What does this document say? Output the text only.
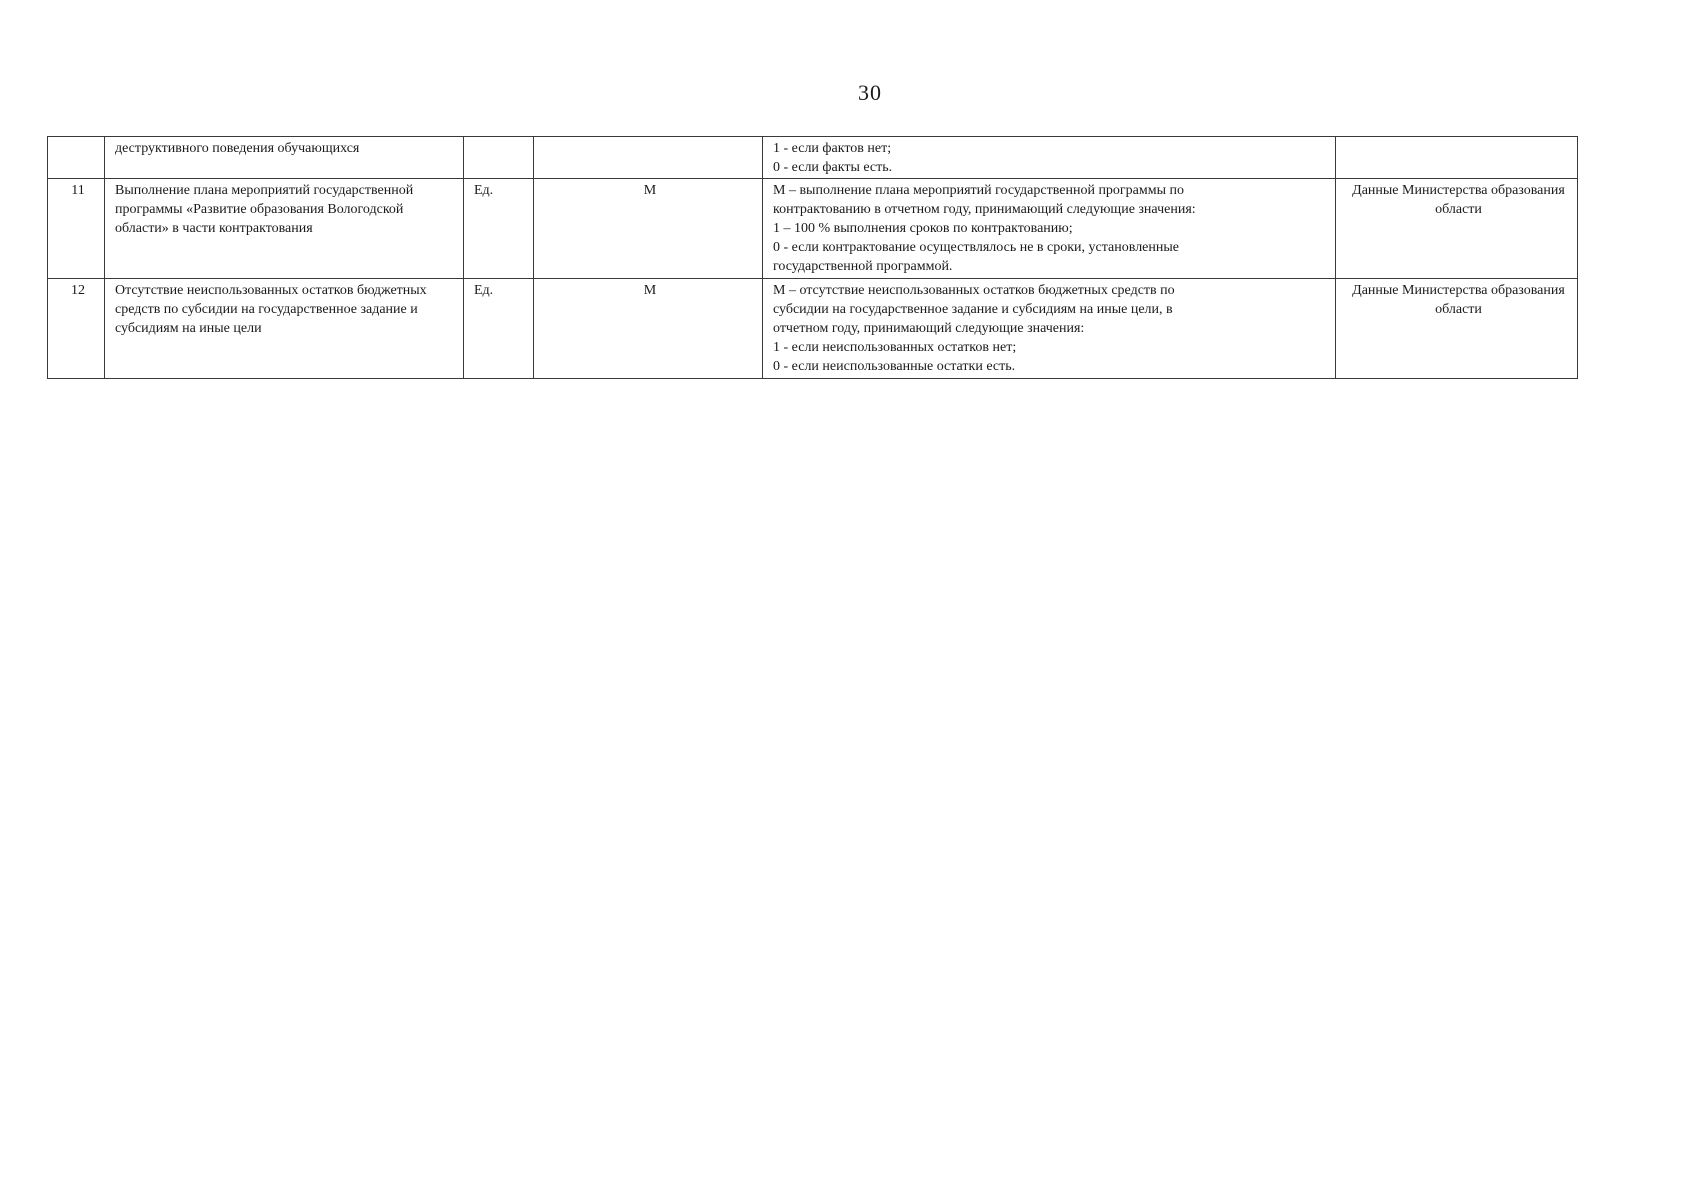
30
	деструктивного поведения обучающихся			1 - если фактов нет;
0 - если факты есть.	

11	Выполнение плана мероприятий государственной программы «Развитие образования Вологодской области» в части контрактования	Ед.	М	М – выполнение плана мероприятий государственной программы по
контрактованию в отчетном году, принимающий следующие значения:
1 – 100 % выполнения сроков по контрактованию;
0 - если контрактование осуществлялось не в сроки, установленные
государственной программой.	Данные Министерства образования области
12	Отсутствие неиспользованных остатков бюджетных средств по субсидии на государственное задание и субсидиям на иные цели	Ед.	М	М – отсутствие неиспользованных остатков бюджетных средств по
субсидии на государственное задание и субсидиям на иные цели, в
отчетном году, принимающий следующие значения:
1 - если неиспользованных остатков нет;
0 - если неиспользованные остатки есть.	Данные Министерства образования области
